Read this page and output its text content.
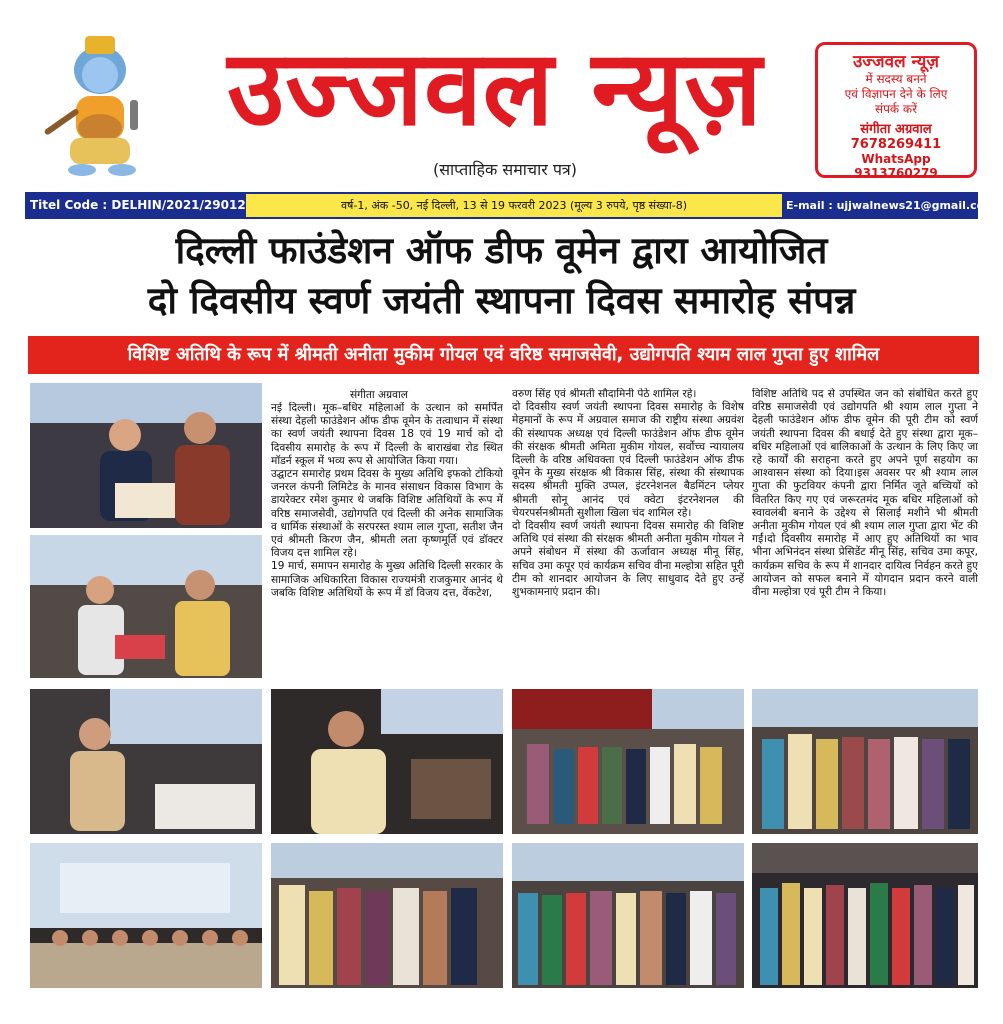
उज्जवल न्यूज़
(साप्ताहिक समाचार पत्र)
उज्जवल न्यूज़
में सदस्य बनने
एवं विज्ञापन देने के लिए
संपर्क करें
संगीता अग्रवाल
7678269411
WhatsApp 9313760279
Titel Code : DELHIN/2021/29012	वर्ष-1, अंक -50, नई दिल्ली, 13 से 19 फरवरी 2023 (मूल्य 3 रुपये, पृष्ठ संख्या-8)	E-mail : ujjwalnews21@gmail.com
दिल्ली फाउंडेशन ऑफ डीफ वूमेन द्वारा आयोजित
दो दिवसीय स्वर्ण जयंती स्थापना दिवस समारोह संपन्न
विशिष्ट अतिथि के रूप में श्रीमती अनीता मुकीम गोयल एवं वरिष्ठ समाजसेवी, उद्योगपति श्याम लाल गुप्ता हुए शामिल
संगीता अग्रवाल
नई दिल्ली। मूक–बधिर महिलाओं के उत्थान को समर्पित संस्था देहली फाउंडेशन ऑफ डीफ वूमेन के तत्वाधान में संस्था का स्वर्ण जयंती स्थापना दिवस 18 एवं 19 मार्च को दो दिवसीय समारोह के रूप में दिल्ली के बाराखंबा रोड स्थित मॉडर्न स्कूल में भव्य रूप से आयोजित किया गया।
उद्घाटन समारोह प्रथम दिवस के मुख्य अतिथि इफको टोकियो जनरल कंपनी लिमिटेड के मानव संसाधन विकास विभाग के डायरेक्टर रमेश कुमार थे जबकि विशिष्ट अतिथियों के रूप में वरिष्ठ समाजसेवी, उद्योगपति एवं दिल्ली की अनेक सामाजिक व धार्मिक संस्थाओं के सरपरस्त श्याम लाल गुप्ता, सतीश जैन एवं श्रीमती किरण जैन, श्रीमती लता कृष्णमूर्ति एवं डॉक्टर विजय दत्त शामिल रहे।
19 मार्च, समापन समारोह के मुख्य अतिथि दिल्ली सरकार के सामाजिक अधिकारिता विकास राज्यमंत्री राजकुमार आनंद थे जबकि विशिष्ट अतिथियों के रूप में डॉ विजय दत्त, वेंकटेश,
वरुण सिंह एवं श्रीमती सौदामिनी पेठे शामिल रहे।
दो दिवसीय स्वर्ण जयंती स्थापना दिवस समारोह के विशेष मेहमानों के रूप में अग्रवाल समाज की राष्ट्रीय संस्था अग्रवंश की संस्थापक अध्यक्ष एवं दिल्ली फाउंडेशन ऑफ डीफ वूमेन की संरक्षक श्रीमती अमिता मुकीम गोयल, सर्वोच्च न्यायालय दिल्ली के वरिष्ठ अधिवक्ता एवं दिल्ली फाउंडेशन ऑफ डीफ वूमेन के मुख्य संरक्षक श्री विकास सिंह, संस्था की संस्थापक सदस्य श्रीमती मुक्ति उप्पल, इंटरनेशनल बैडमिंटन प्लेयर श्रीमती सोनू आनंद एवं क्वेटा इंटरनेशनल की चेयरपर्सनश्रीमती सुशीला खिला चंद शामिल रहे।
दो दिवसीय स्वर्ण जयंती स्थापना दिवस समारोह की विशिष्ट अतिथि एवं संस्था की संरक्षक श्रीमती अनीता मुकीम गोयल ने अपने संबोधन में संस्था की ऊर्जावान अध्यक्ष मीनू सिंह, सचिव उमा कपूर एवं कार्यक्रम सचिव वीना मल्होत्रा सहित पूरी टीम को शानदार आयोजन के लिए साधुवाद देते हुए उन्हें शुभकामनाएं प्रदान की।
विशिष्ट अतिथि पद से उपस्थित जन को संबोधित करते हुए वरिष्ठ समाजसेवी एवं उद्योगपति श्री श्याम लाल गुप्ता ने देहली फाउंडेशन ऑफ डीफ वूमेन की पूरी टीम को स्वर्ण जयंती स्थापना दिवस की बधाई देते हुए संस्था द्वारा मूक–बधिर महिलाओं एवं बालिकाओं के उत्थान के लिए किए जा रहे कार्यों की सराहना करते हुए अपने पूर्ण सहयोग का आश्वासन संस्था को दिया।इस अवसर पर श्री श्याम लाल गुप्ता की फुटवियर कंपनी द्वारा निर्मित जूते बच्चियों को वितरित किए गए एवं जरूरतमंद मूक बधिर महिलाओं को स्वावलंबी बनाने के उद्देश्य से सिलाई मशीने भी श्रीमती अनीता मुकीम गोयल एवं श्री श्याम लाल गुप्ता द्वारा भेंट की गईं।दो दिवसीय समारोह में आए हुए अतिथियों का भाव भीना अभिनंदन संस्था प्रेसिडेंट मीनू सिंह, सचिव उमा कपूर, कार्यक्रम सचिव के रूप में शानदार दायित्व निर्वहन करते हुए आयोजन को सफल बनाने में योगदान प्रदान करने वाली वीना मल्होत्रा एवं पूरी टीम ने किया।
